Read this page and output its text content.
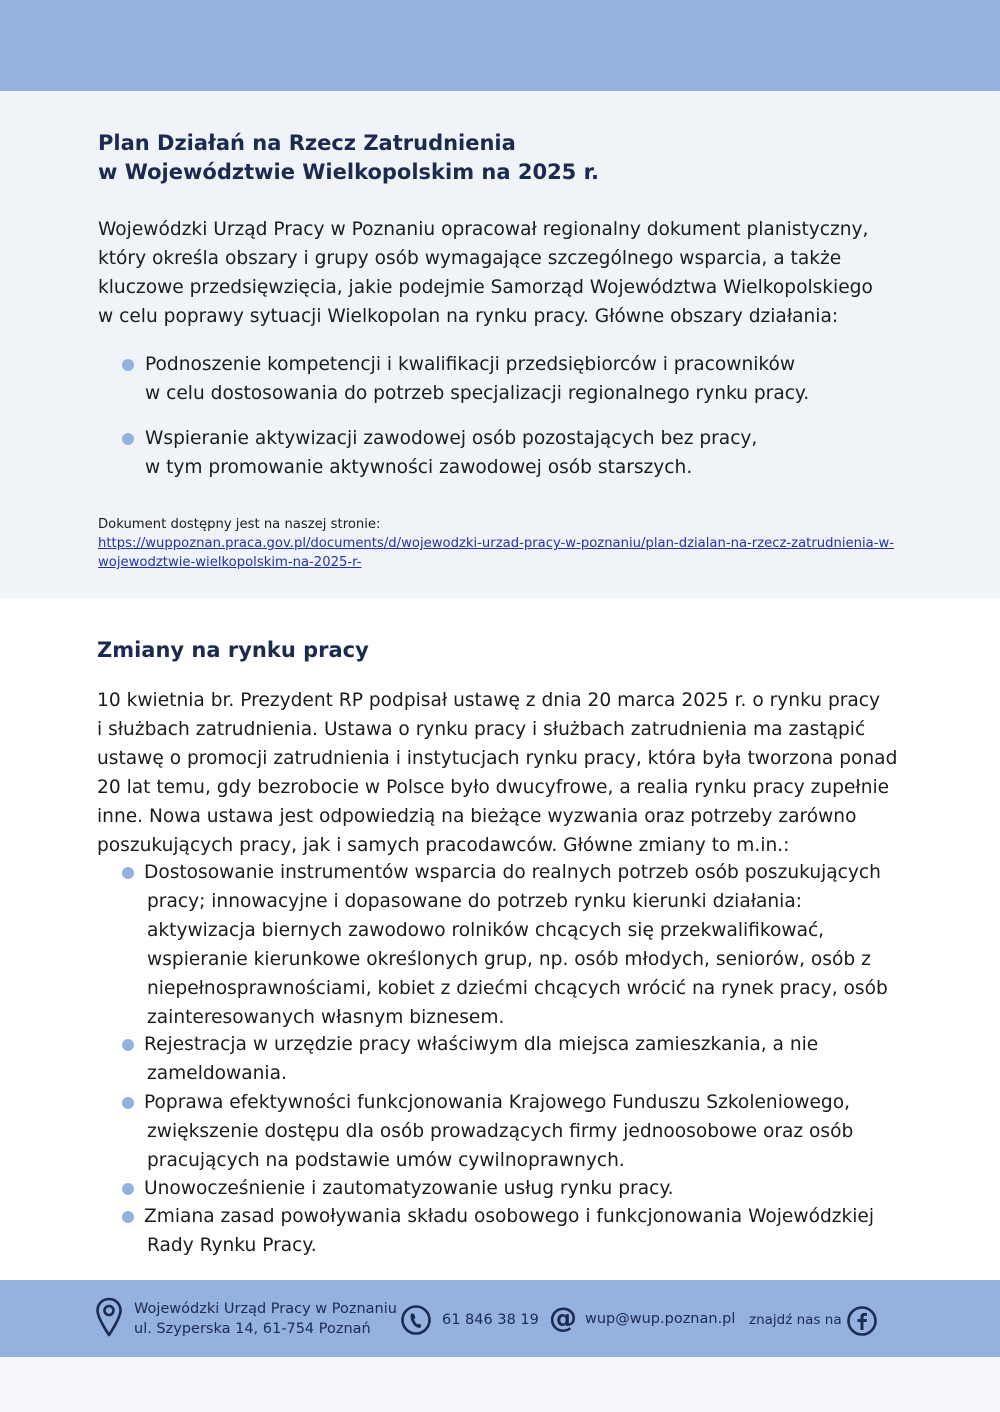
Plan Działań na Rzecz Zatrudnienia
w Województwie Wielkopolskim na 2025 r.

Wojewódzki Urząd Pracy w Poznaniu opracował regionalny dokument planistyczny,
który określa obszary i grupy osób wymagające szczególnego wsparcia, a także
kluczowe przedsięwzięcia, jakie podejmie Samorząd Województwa Wielkopolskiego
w celu poprawy sytuacji Wielkopolan na rynku pracy. Główne obszary działania:

Podnoszenie kompetencji i kwalifikacji przedsiębiorców i pracowników
w celu dostosowania do potrzeb specjalizacji regionalnego rynku pracy.
Wspieranie aktywizacji zawodowej osób pozostających bez pracy,
w tym promowanie aktywności zawodowej osób starszych.
Dokument dostępny jest na naszej stronie:
https://wuppoznan.praca.gov.pl/documents/d/wojewodzki-urzad-pracy-w-poznaniu/plan-dzialan-na-rzecz-zatrudnienia-w-
wojewodztwie-wielkopolskim-na-2025-r-
Zmiany na rynku pracy

10 kwietnia br. Prezydent RP podpisał ustawę z dnia 20 marca 2025 r. o rynku pracy
i służbach zatrudnienia. Ustawa o rynku pracy i służbach zatrudnienia ma zastąpić
ustawę o promocji zatrudnienia i instytucjach rynku pracy, która była tworzona ponad
20 lat temu, gdy bezrobocie w Polsce było dwucyfrowe, a realia rynku pracy zupełnie
inne. Nowa ustawa jest odpowiedzią na bieżące wyzwania oraz potrzeby zarówno
poszukujących pracy, jak i samych pracodawców. Główne zmiany to m.in.:

Dostosowanie instrumentów wsparcia do realnych potrzeb osób poszukujących
pracy; innowacyjne i dopasowane do potrzeb rynku kierunki działania:
aktywizacja biernych zawodowo rolników chcących się przekwalifikować,
wspieranie kierunkowe określonych grup, np. osób młodych, seniorów, osób z
niepełnosprawnościami, kobiet z dziećmi chcących wrócić na rynek pracy, osób
zainteresowanych własnym biznesem.
Rejestracja w urzędzie pracy właściwym dla miejsca zamieszkania, a nie
zameldowania.
Poprawa efektywności funkcjonowania Krajowego Funduszu Szkoleniowego,
zwiększenie dostępu dla osób prowadzących firmy jednoosobowe oraz osób
pracujących na podstawie umów cywilnoprawnych.
Unowocześnienie i zautomatyzowanie usług rynku pracy.
Zmiana zasad powoływania składu osobowego i funkcjonowania Wojewódzkiej
Rady Rynku Pracy.
Wojewódzki Urząd Pracy w Poznaniu
ul. Szyperska 14, 61-754 Poznań
61 846 38 19 @ wup@wup.poznan.pl znajdź nas na
